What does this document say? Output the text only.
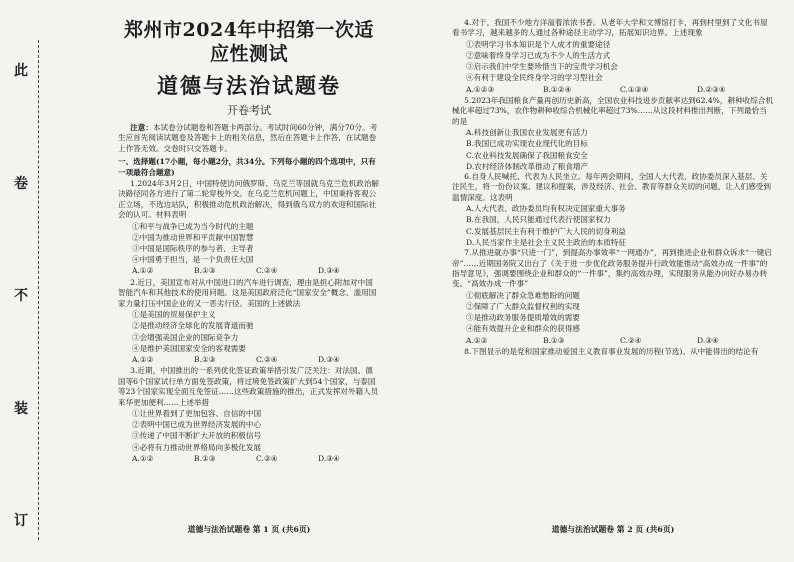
此
卷
不
装
订
郑州市2024年中招第一次适应性测试
道德与法治试题卷
开卷考试

注意：本试卷分试题卷和答题卡两部分。考试时间60分钟，满分70分。考生应首先阅读试题卷及答题卡上的相关信息，然后在答题卡上作答，在试题卷上作答无效。交卷时只交答题卡。

一、选择题(17小题，每小题2分，共34分。下列每小题的四个选项中，只有一项最符合题意)

1.2024年3月2日，中国特使访问俄罗斯、乌克兰等国就乌克兰危机政治解决路径同各方进行了第二轮穿梭外交。在乌克兰危机问题上，中国秉持客观公正立场，不选边站队，积极推动危机政治解决，得到俄乌双方的欢迎和国际社会的认可。材料表明

①和平与战争已成为当今时代的主题

②中国为推动世界和平贡献中国智慧

③中国是国际秩序的参与者、主导者

④中国勇于担当，是一个负责任大国

A.①②	B.①③	C.②④	D.③④

2.近日，美国宣布对从中国进口的汽车进行调查，理由是担心附加对中国智能汽车和其他技术的使用问题。这是美国政府泛化“国家安全”概念、滥用国家力量打压中国企业的又一恶劣行径。美国的上述做法

①是美国的贸易保护主义

②是推动经济全球化的发展背道而驰

③会增强美国企业的国际竞争力

④是维护美国国家安全的客观需要

A.①②	B.①③	C.②④	D.③④

3.近期，中国推出的一系列优化签证政策举措引发广泛关注：对法国、德国等6个国家试行单方面免签政策，将过境免签政策扩大到54个国家，与泰国等23个国家实现全面互免签证……这些政策措施的推出，正式发挥对外籍人员来华更加便利……上述举措

①让世界看到了更加包容、自信的中国

②表明中国已成为世界经济发展的中心

③传递了中国不断扩大开放的积极信号

④必将有力推动世界格局向多极化发展

A.①②	B.①③	C.②④	D.③④

4.对于，我国不少地方洋溢着浓浓书香。从老年大学和文博馆打卡，再到村里到了文化书屋看书学习，越来越多的人通过各种途径主动学习，拓展知识边界。上述现象

①表明学习书本知识是个人成才的重要途径

②意味着终身学习已成为不少人的生活方式

③启示我们中学生要珍惜当下的宝贵学习机会

④有利于建设全民终身学习的学习型社会

A.①②③	B.①②④	C.①③④	D.②③④

5.2023年我国粮食产量再创历史新高，全国农业科技进步贡献率达到62.4%，耕种收综合机械化率超过73%，农作物耕种收综合机械化率超过73%……从这段材料推出判断，下列最恰当的是

A.科技创新让我国农业发展更有活力

B.我国已成功实现农业现代化的目标

C.农业科技发展确保了我国粮食安全

D.农村经济体制改革推动了粮食增产

6.自身人民喊托、代表为人民坐立。每年两会期间，全国人大代表、政协委员深入基层、关注民生，将一份份议案、建议和提案，涉及经济、社会、教育等群众关切的问题，让人们感受到温情深度。这表明

A.人大代表、政协委员均有权决定国家重大事务

B.在我国，人民只能通过代表行使国家权力

C.发展基层民主有利于维护广大人民的切身利益

D.人民当家作主是社会主义民主政治的本质特征

7.从推进就办事“只进一门”，到提高办事效率“一网通办”，再到推进企业和群众诉求“一键启帝”……近期国务院又出台了《关于进一步优化政务服务提升行政效能推动“高效办成一件事”的指导意见》，强调要围绕企业和群众的“一件事”，集约高效办理，实现服务从能办向好办易办转变。“高效办成一件事”

①彻底解决了群众急难愁盼的问题

②保障了广大群众监督权利的实现

③是推动政务服务提质增效的需要

④能有效提升企业和群众的获得感

A.①②	B.①③	C.②④	D.③④

8.下图显示的是党和国家推动爱国主义教育事业发展的历程(节选)。从中能得出的结论有

道德与法治试题卷 第 1 页 (共6页)	道德与法治试题卷 第 2 页 (共6页)
